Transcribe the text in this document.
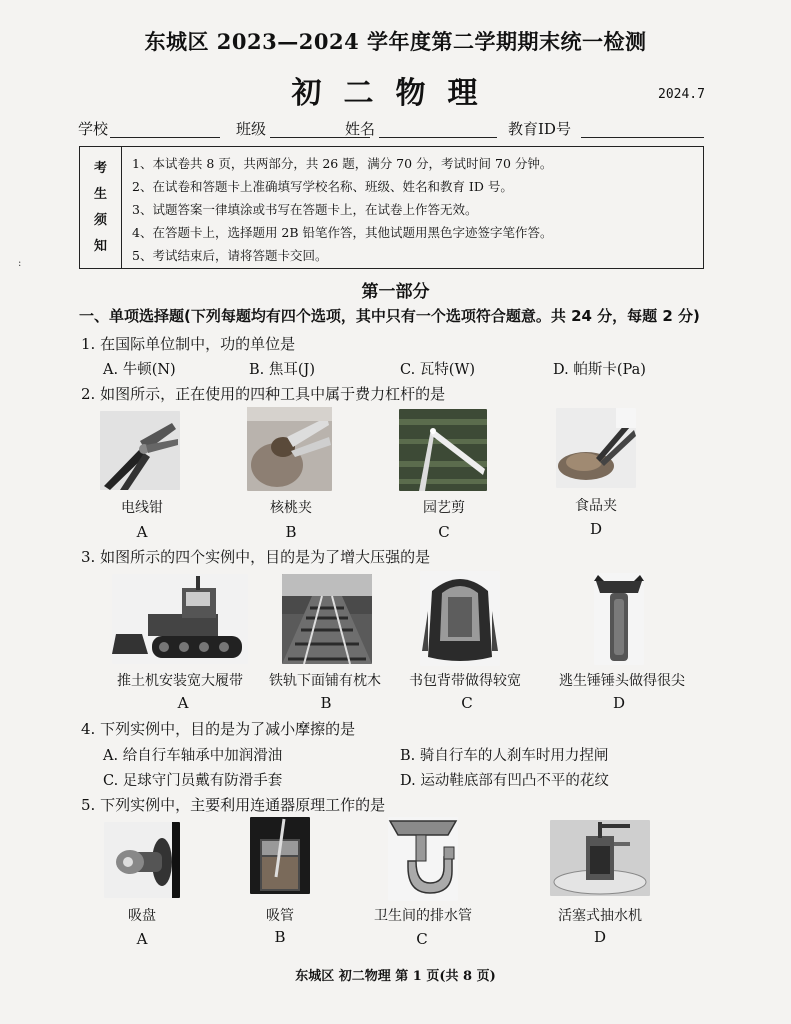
:
东城区 2023—2024 学年度第二学期期末统一检测
初二物理	2024.7
学校	班级	姓名	教育ID号
考
生
须
知
1、本试卷共 8 页，共两部分，共 26 题，满分 70 分，考试时间 70 分钟。
2、在试卷和答题卡上准确填写学校名称、班级、姓名和教育 ID 号。
3、试题答案一律填涂或书写在答题卡上，在试卷上作答无效。
4、在答题卡上，选择题用 2B 铅笔作答，其他试题用黑色字迹签字笔作答。
5、考试结束后，请将答题卡交回。
第一部分
一、单项选择题(下列每题均有四个选项，其中只有一个选项符合题意。共 24 分，每题 2 分)
1. 在国际单位制中，功的单位是
A. 牛顿(N)	B. 焦耳(J)	C. 瓦特(W)	D. 帕斯卡(Pa)
2. 如图所示，正在使用的四种工具中属于费力杠杆的是
电线钳	核桃夹	园艺剪	食品夹
A	B	C	D
3. 如图所示的四个实例中，目的是为了增大压强的是
推土机安装宽大履带	铁轨下面铺有枕木	书包背带做得较宽	逃生锤锤头做得很尖
A	B	C	D
4. 下列实例中，目的是为了减小摩擦的是
A. 给自行车轴承中加润滑油	B. 骑自行车的人刹车时用力捏闸
C. 足球守门员戴有防滑手套	D. 运动鞋底部有凹凸不平的花纹
5. 下列实例中，主要利用连通器原理工作的是
吸盘	吸管	卫生间的排水管	活塞式抽水机
A	B	C	D
东城区 初二物理 第 1 页(共 8 页)
